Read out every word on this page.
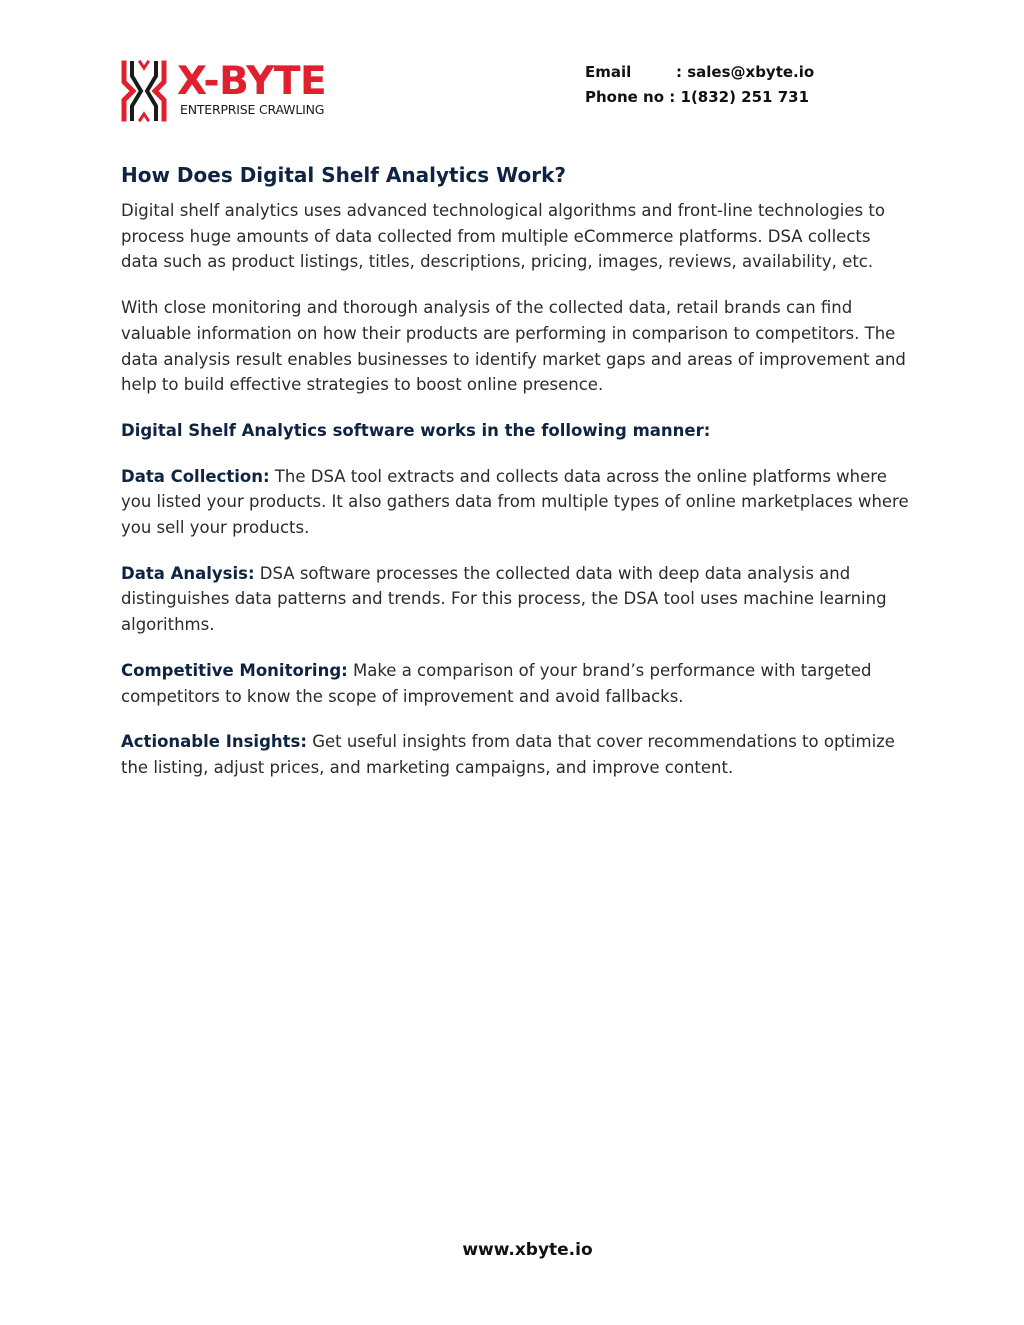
X-BYTE
ENTERPRISE CRAWLING
Email	: sales@xbyte.io
Phone no : 1(832) 251 731
How Does Digital Shelf Analytics Work?

Digital shelf analytics uses advanced technological algorithms and front-line technologies to process huge amounts of data collected from multiple eCommerce platforms. DSA collects data such as product listings, titles, descriptions, pricing, images, reviews, availability, etc.

With close monitoring and thorough analysis of the collected data, retail brands can find valuable information on how their products are performing in comparison to competitors. The data analysis result enables businesses to identify market gaps and areas of improvement and help to build effective strategies to boost online presence.

Digital Shelf Analytics software works in the following manner:

Data Collection: The DSA tool extracts and collects data across the online platforms where you listed your products. It also gathers data from multiple types of online marketplaces where you sell your products.

Data Analysis: DSA software processes the collected data with deep data analysis and distinguishes data patterns and trends. For this process, the DSA tool uses machine learning algorithms.

Competitive Monitoring: Make a comparison of your brand’s performance with targeted competitors to know the scope of improvement and avoid fallbacks.

Actionable Insights: Get useful insights from data that cover recommendations to optimize the listing, adjust prices, and marketing campaigns, and improve content.

www.xbyte.io
